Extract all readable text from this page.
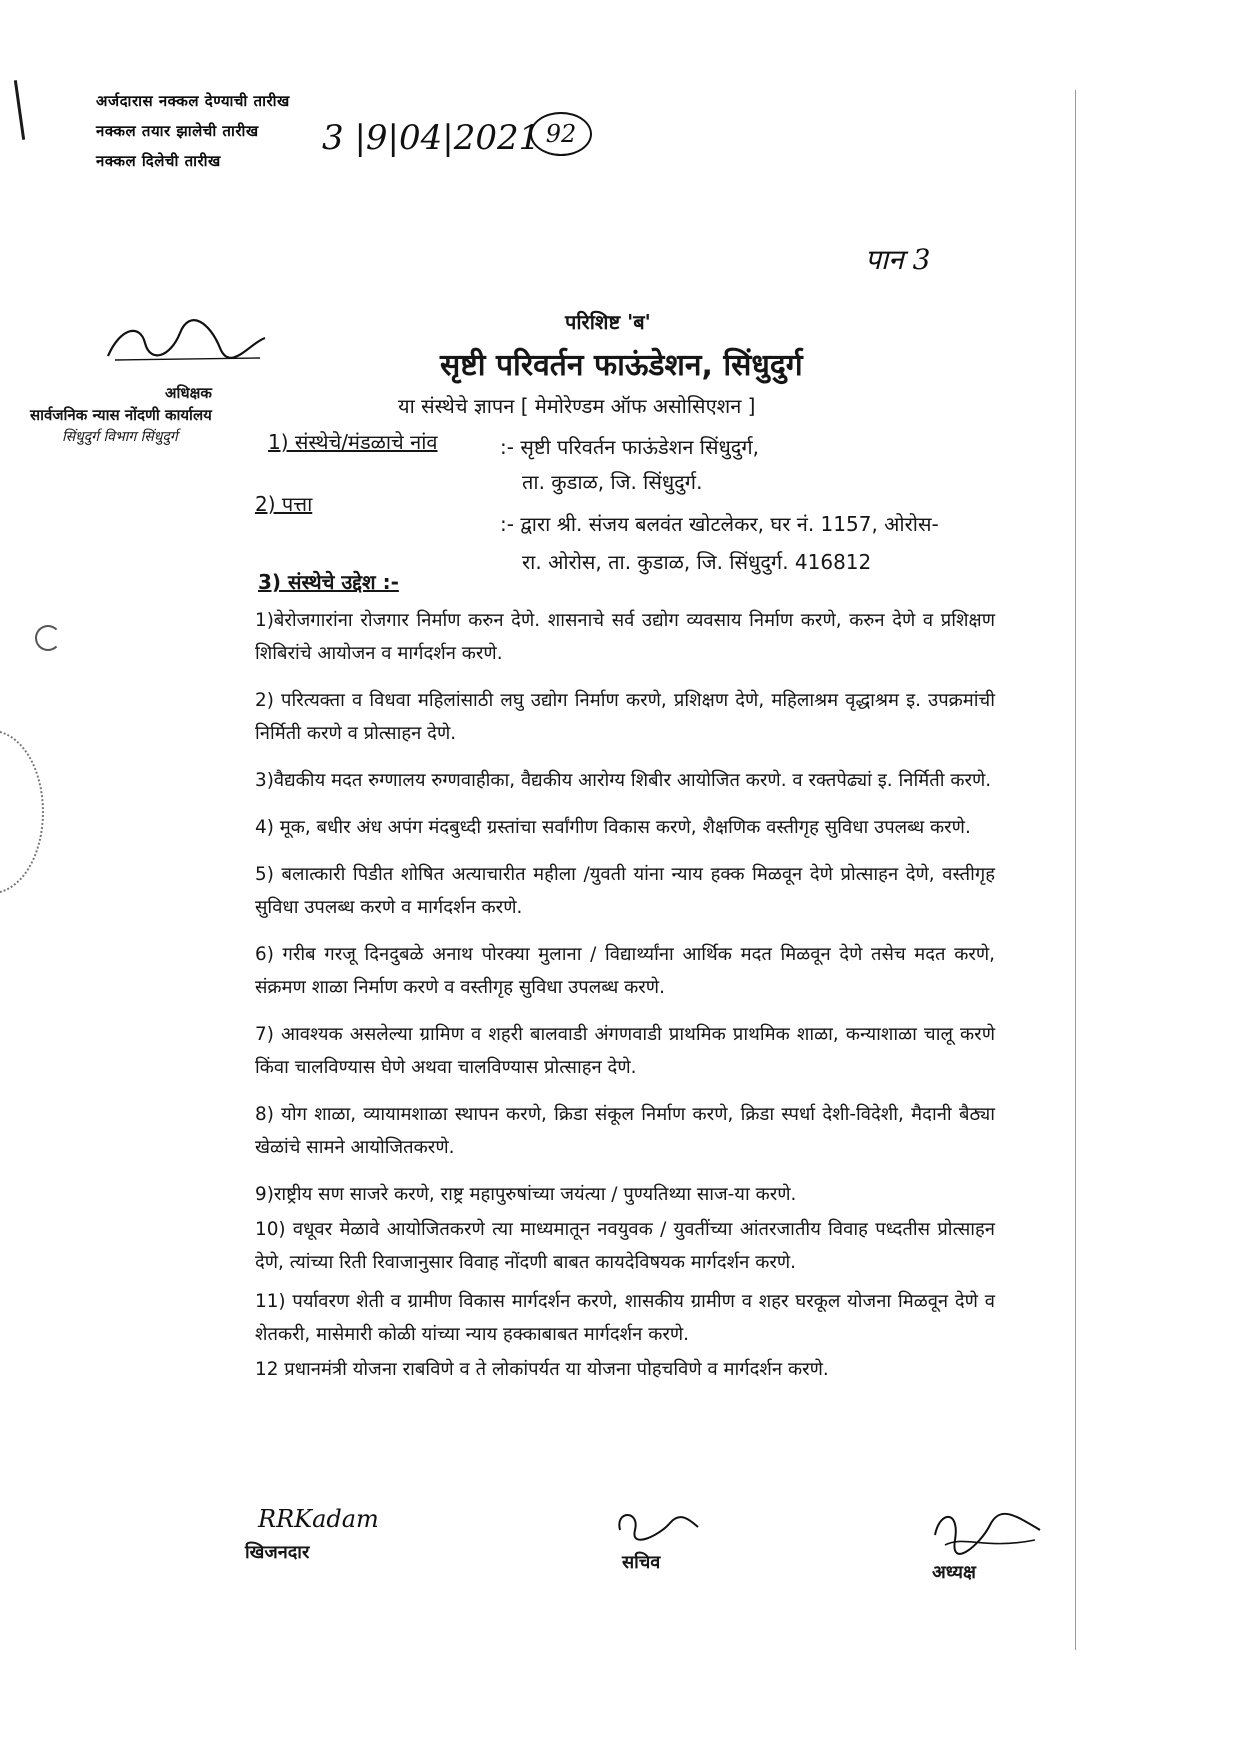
अर्जदारास नक्कल देण्याची तारीख
नक्कल तयार झालेची तारीख
नक्कल दिलेची तारीख
3 |9|04|2021 92
पान 3
अधिक्षक
सार्वजनिक न्यास नोंदणी कार्यालय
सिंधुदुर्ग विभाग सिंधुदुर्ग
परिशिष्ट 'ब'
सृष्टी परिवर्तन फाऊंडेशन, सिंधुदुर्ग
या संस्थेचे ज्ञापन [ मेमोरेण्डम ऑफ असोसिएशन ]
1) संस्थेचे/मंडळाचे नांव	:- सृष्टी परिवर्तन फाऊंडेशन सिंधुदुर्ग,
ता. कुडाळ, जि. सिंधुदुर्ग.
2) पत्ता
:- द्वारा श्री. संजय बलवंत खोटलेकर, घर नं. 1157, ओरोस-
रा. ओरोस, ता. कुडाळ, जि. सिंधुदुर्ग. 416812
3) संस्थेचे उद्देश :-

1)बेरोजगारांना रोजगार निर्माण करुन देणे. शासनाचे सर्व उद्योग व्यवसाय निर्माण करणे, करुन देणे व प्रशिक्षण शिबिरांचे आयोजन व मार्गदर्शन करणे.

2) परित्यक्ता व विधवा महिलांसाठी लघु उद्योग निर्माण करणे, प्रशिक्षण देणे, महिलाश्रम वृद्धाश्रम इ. उपक्रमांची निर्मिती करणे व प्रोत्साहन देणे.

3)वैद्यकीय मदत रुग्णालय रुग्णवाहीका, वैद्यकीय आरोग्य शिबीर आयोजित करणे. व रक्तपेढ्यां इ. निर्मिती करणे.

4) मूक, बधीर अंध अपंग मंदबुध्दी ग्रस्तांचा सर्वांगीण विकास करणे, शैक्षणिक वस्तीगृह सुविधा उपलब्ध करणे.

5) बलात्कारी पिडीत शोषित अत्याचारीत महीला /युवती यांना न्याय हक्क मिळवून देणे प्रोत्साहन देणे, वस्तीगृह सुविधा उपलब्ध करणे व मार्गदर्शन करणे.

6) गरीब गरजू दिनदुबळे अनाथ पोरक्या मुलाना / विद्यार्थ्यांना आर्थिक मदत मिळवून देणे तसेच मदत करणे, संक्रमण शाळा निर्माण करणे व वस्तीगृह सुविधा उपलब्ध करणे.

7) आवश्यक असलेल्या ग्रामिण व शहरी बालवाडी अंगणवाडी प्राथमिक प्राथमिक शाळा, कन्याशाळा चालू करणे किंवा चालविण्यास घेणे अथवा चालविण्यास प्रोत्साहन देणे.

8) योग शाळा, व्यायामशाळा स्थापन करणे, क्रिडा संकूल निर्माण करणे, क्रिडा स्पर्धा देशी-विदेशी, मैदानी बैठ्या खेळांचे सामने आयोजितकरणे.

9)राष्ट्रीय सण साजरे करणे, राष्ट्र महापुरुषांच्या जयंत्या / पुण्यतिथ्या साज-या करणे.

10) वधूवर मेळावे आयोजितकरणे त्या माध्यमातून नवयुवक / युवतींच्या आंतरजातीय विवाह पध्दतीस प्रोत्साहन देणे, त्यांच्या रिती रिवाजानुसार विवाह नोंदणी बाबत कायदेविषयक मार्गदर्शन करणे.

11) पर्यावरण शेती व ग्रामीण विकास मार्गदर्शन करणे, शासकीय ग्रामीण व शहर घरकूल योजना मिळवून देणे व शेतकरी, मासेमारी कोळी यांच्या न्याय हक्काबाबत मार्गदर्शन करणे.

12 प्रधानमंत्री योजना राबविणे व ते लोकांपर्यत या योजना पोहचविणे व मार्गदर्शन करणे.

RRKadam
खिजनदार	सचिव	अध्यक्ष
